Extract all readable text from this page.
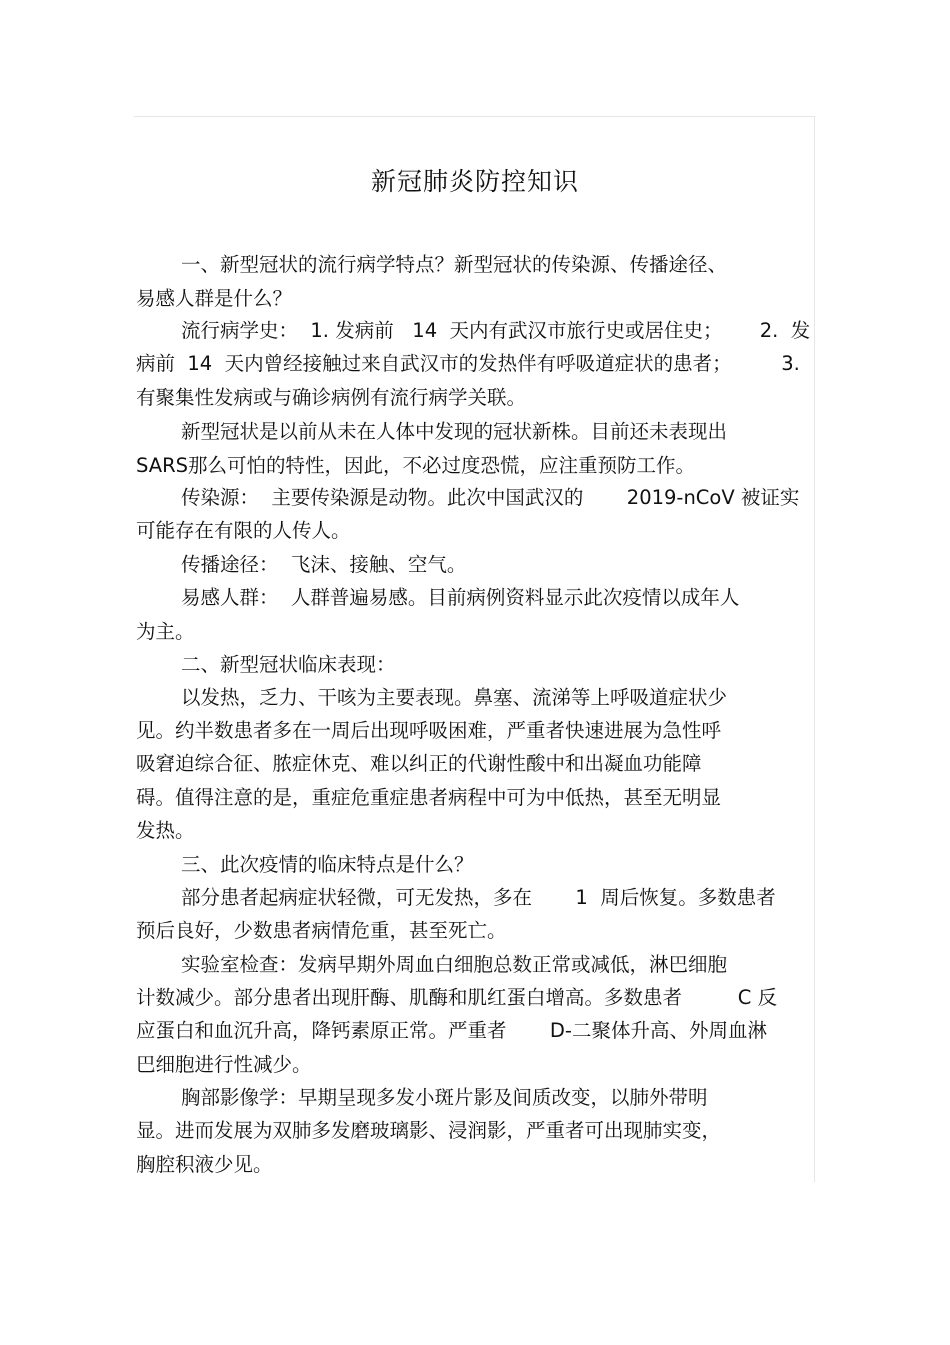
新冠肺炎防控知识

一、新型冠状的流行病学特点？新型冠状的传染源、传播途径、

易感人群是什么？

流行病学史：  1. 发病前   14  天内有武汉市旅行史或居住史；      2.  发

病前  14  天内曾经接触过来自武汉市的发热伴有呼吸道症状的患者；        3.

有聚集性发病或与确诊病例有流行病学关联。

新型冠状是以前从未在人体中发现的冠状新株。目前还未表现出

SARS那么可怕的特性，因此，不必过度恐慌，应注重预防工作。

传染源：  主要传染源是动物。此次中国武汉的       2019-nCoV 被证实

可能存在有限的人传人。

传播途径：  飞沫、接触、空气。

易感人群：  人群普遍易感。目前病例资料显示此次疫情以成年人

为主。

二、新型冠状临床表现：

以发热，乏力、干咳为主要表现。鼻塞、流涕等上呼吸道症状少

见。约半数患者多在一周后出现呼吸困难，严重者快速进展为急性呼

吸窘迫综合征、脓症休克、难以纠正的代谢性酸中和出凝血功能障

碍。值得注意的是，重症危重症患者病程中可为中低热，甚至无明显

发热。

三、此次疫情的临床特点是什么？

部分患者起病症状轻微，可无发热，多在       1  周后恢复。多数患者

预后良好，少数患者病情危重，甚至死亡。

实验室检查：发病早期外周血白细胞总数正常或减低，淋巴细胞

计数减少。部分患者出现肝酶、肌酶和肌红蛋白增高。多数患者         C 反

应蛋白和血沉升高，降钙素原正常。严重者       D-二聚体升高、外周血淋

巴细胞进行性减少。

胸部影像学：早期呈现多发小斑片影及间质改变，以肺外带明

显。进而发展为双肺多发磨玻璃影、浸润影，严重者可出现肺实变，

胸腔积液少见。
